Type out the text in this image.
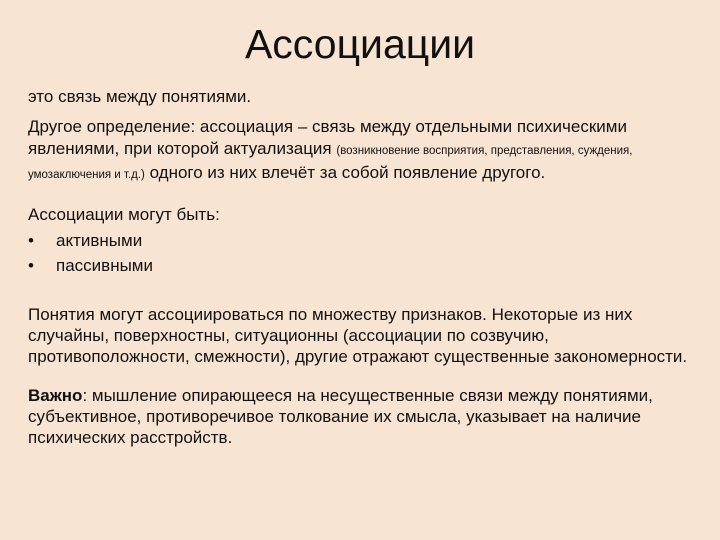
Ассоциации

это связь между понятиями.

Другое определение: ассоциация – связь между отдельными психическими явлениями, при которой актуализация (возникновение восприятия, представления, суждения, умозаключения и т.д.) одного из них влечёт за собой появление другого.

Ассоциации могут быть:

• активными
• пассивными

Понятия могут ассоциироваться по множеству признаков. Некоторые из них случайны, поверхностны, ситуационны (ассоциации по созвучию, противоположности, смежности), другие отражают существенные закономерности.

Важно: мышление опирающееся на несущественные связи между понятиями, субъективное, противоречивое толкование их смысла, указывает на наличие психических расстройств.
